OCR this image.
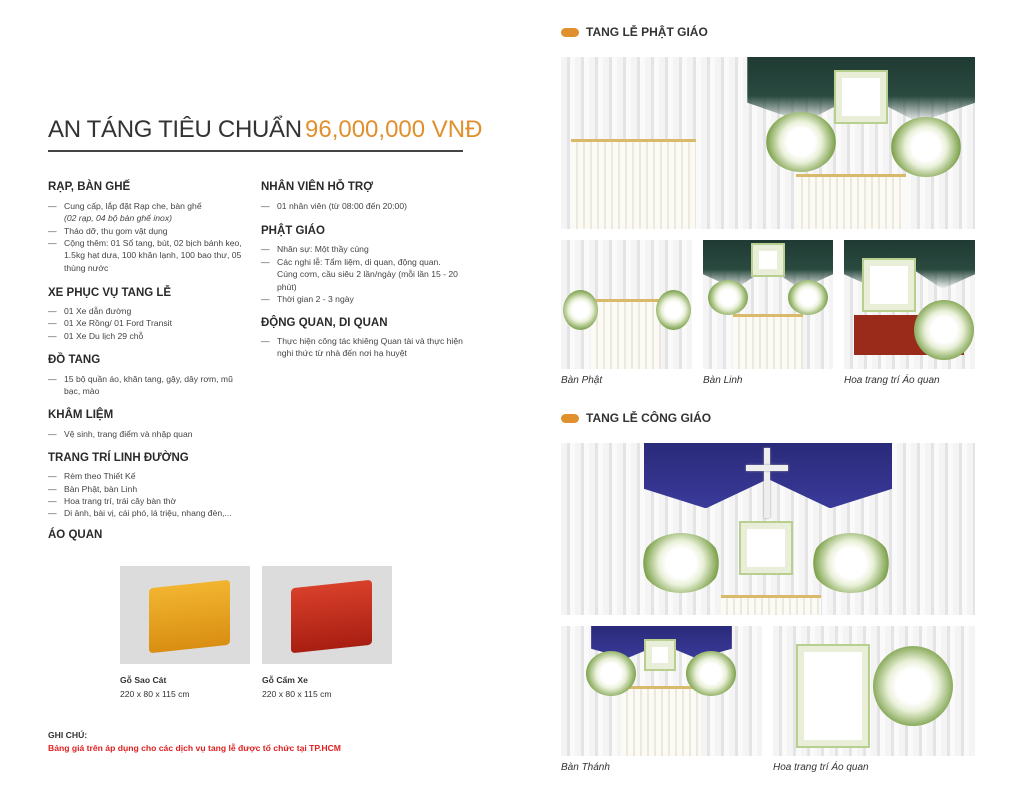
AN TÁNG TIÊU CHUẨN 96,000,000 VNĐ
RẠP, BÀN GHẾ
— Cung cấp, lắp đặt Rạp che, bàn ghế
(02 rạp, 04 bộ bàn ghế inox)
— Tháo dỡ, thu gom vật dụng
— Cộng thêm: 01 Sổ tang, bút, 02 bịch bánh kẹo, 1.5kg hạt dưa, 100 khăn lạnh, 100 bao thư, 05 thùng nước
XE PHỤC VỤ TANG LỄ
— 01 Xe dẫn đường
— 01 Xe Rồng/ 01 Ford Transit
— 01 Xe Du lịch 29 chỗ
ĐỒ TANG
— 15 bộ quần áo, khăn tang, gậy, dây rơm, mũ bạc, mào
KHÂM LIỆM
— Vệ sinh, trang điểm và nhập quan
TRANG TRÍ LINH ĐƯỜNG
— Rèm theo Thiết Kế
— Bàn Phật, bàn Linh
— Hoa trang trí, trái cây bàn thờ
— Di ảnh, bài vị, cái phó, lá triệu, nhang đèn,...
ÁO QUAN
NHÂN VIÊN HỖ TRỢ
— 01 nhân viên (từ 08:00 đến 20:00)
PHẬT GIÁO
— Nhân sự: Một thầy cúng
— Các nghi lễ: Tẩm liệm, di quan, động quan. Cúng cơm, cầu siêu 2 lần/ngày (mỗi lần 15 - 20 phút)
— Thời gian 2 - 3 ngày
ĐỘNG QUAN, DI QUAN
— Thực hiện công tác khiêng Quan tài và thực hiện nghi thức từ nhà đến nơi hạ huyệt
Gỗ Sao Cát
220 x 80 x 115 cm
Gỗ Cẩm Xe
220 x 80 x 115 cm
GHI CHÚ:
Bảng giá trên áp dụng cho các dịch vụ tang lễ được tổ chức tại TP.HCM
TANG LỄ PHẬT GIÁO
Bàn Phật	Bàn Linh	Hoa trang trí Áo quan
TANG LỄ CÔNG GIÁO
Bàn Thánh	Hoa trang trí Áo quan
